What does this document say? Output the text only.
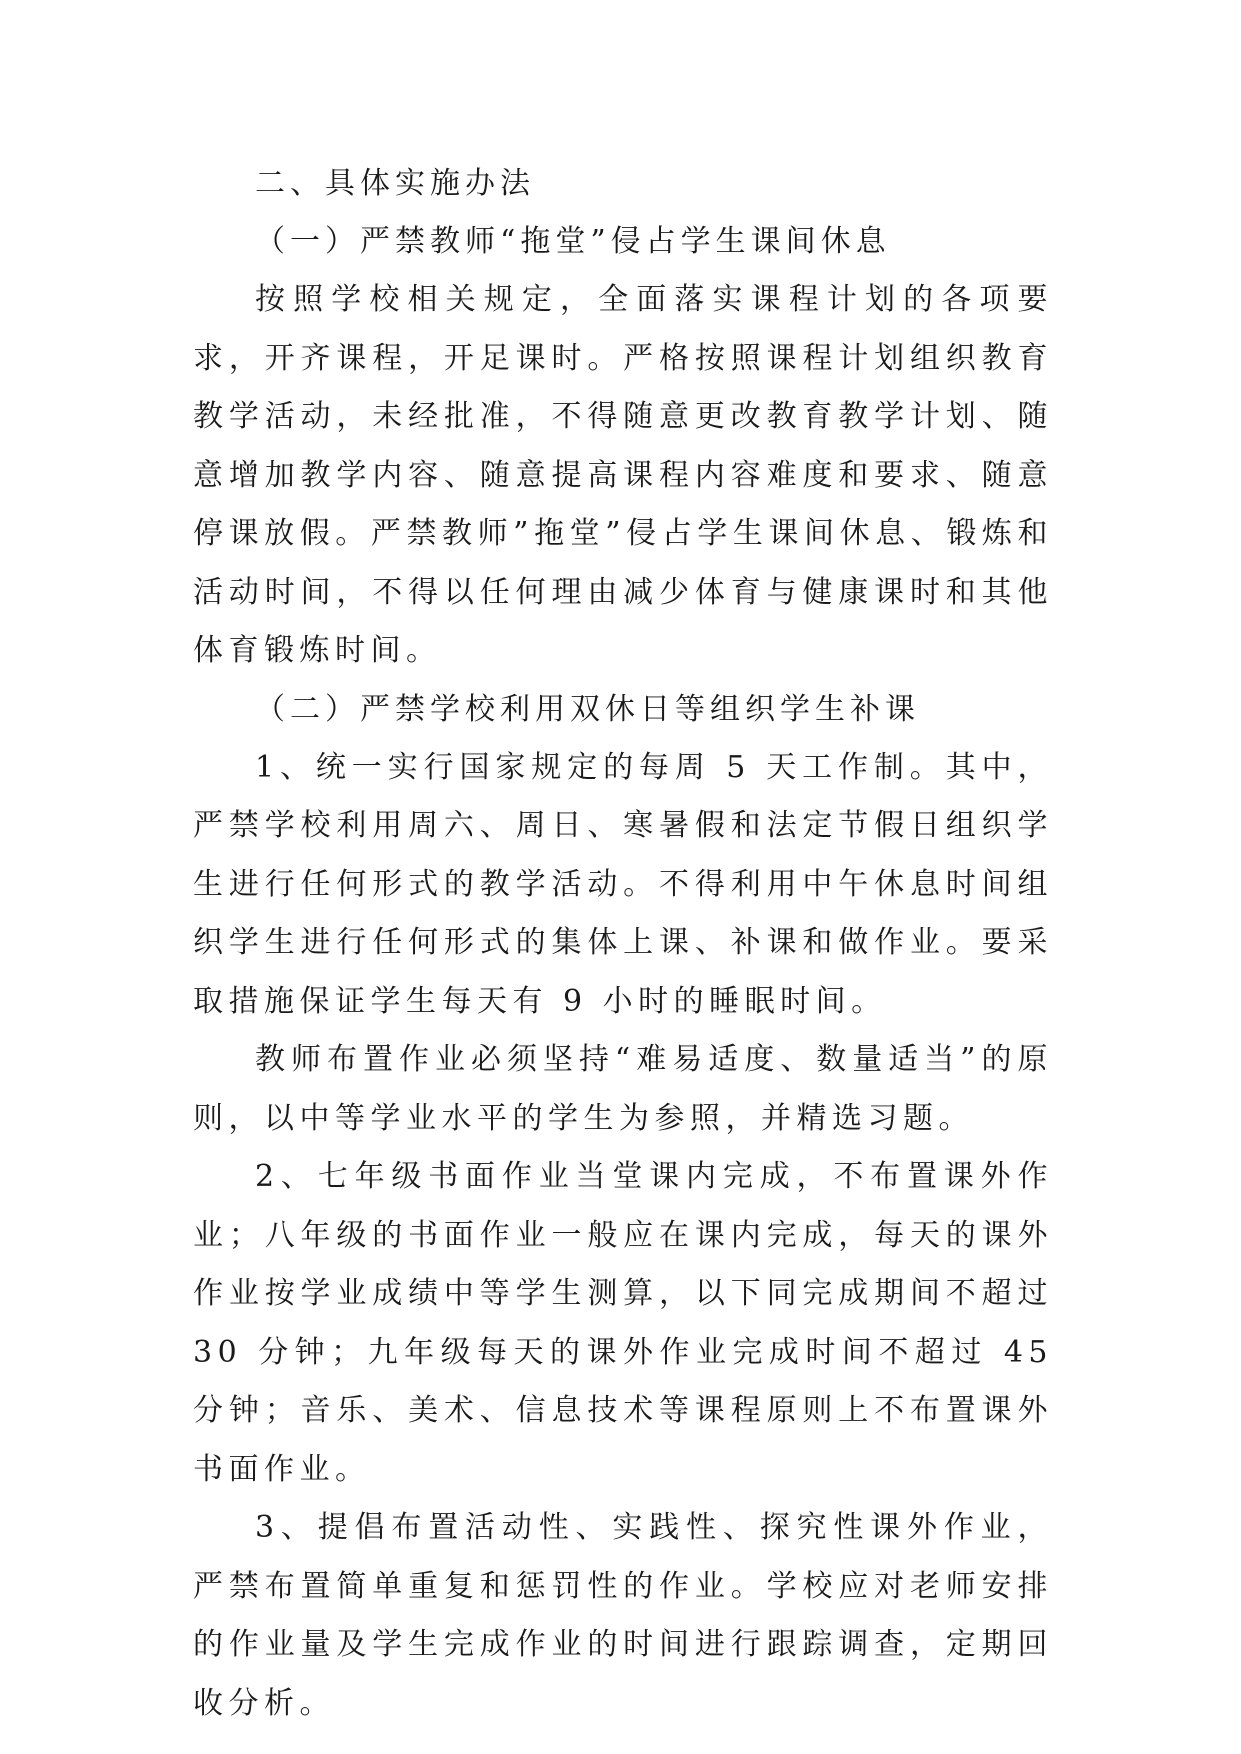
二、具体实施办法
（一）严禁教师“拖堂”侵占学生课间休息

按照学校相关规定，全面落实课程计划的各项要求，开齐课程，开足课时。严格按照课程计划组织教育教学活动，未经批准，不得随意更改教育教学计划、随意增加教学内容、随意提高课程内容难度和要求、随意停课放假。严禁教师”拖堂”侵占学生课间休息、锻炼和活动时间，不得以任何理由减少体育与健康课时和其他体育锻炼时间。

（二）严禁学校利用双休日等组织学生补课

1、统一实行国家规定的每周 5 天工作制。其中，严禁学校利用周六、周日、寒暑假和法定节假日组织学生进行任何形式的教学活动。不得利用中午休息时间组织学生进行任何形式的集体上课、补课和做作业。要采取措施保证学生每天有 9 小时的睡眠时间。

教师布置作业必须坚持“难易适度、数量适当”的原则，以中等学业水平的学生为参照，并精选习题。

2、七年级书面作业当堂课内完成，不布置课外作业；八年级的书面作业一般应在课内完成，每天的课外作业按学业成绩中等学生测算，以下同完成期间不超过 30 分钟；九年级每天的课外作业完成时间不超过 45 分钟；音乐、美术、信息技术等课程原则上不布置课外书面作业。

3、提倡布置活动性、实践性、探究性课外作业，严禁布置简单重复和惩罚性的作业。学校应对老师安排的作业量及学生完成作业的时间进行跟踪调查，定期回收分析。
